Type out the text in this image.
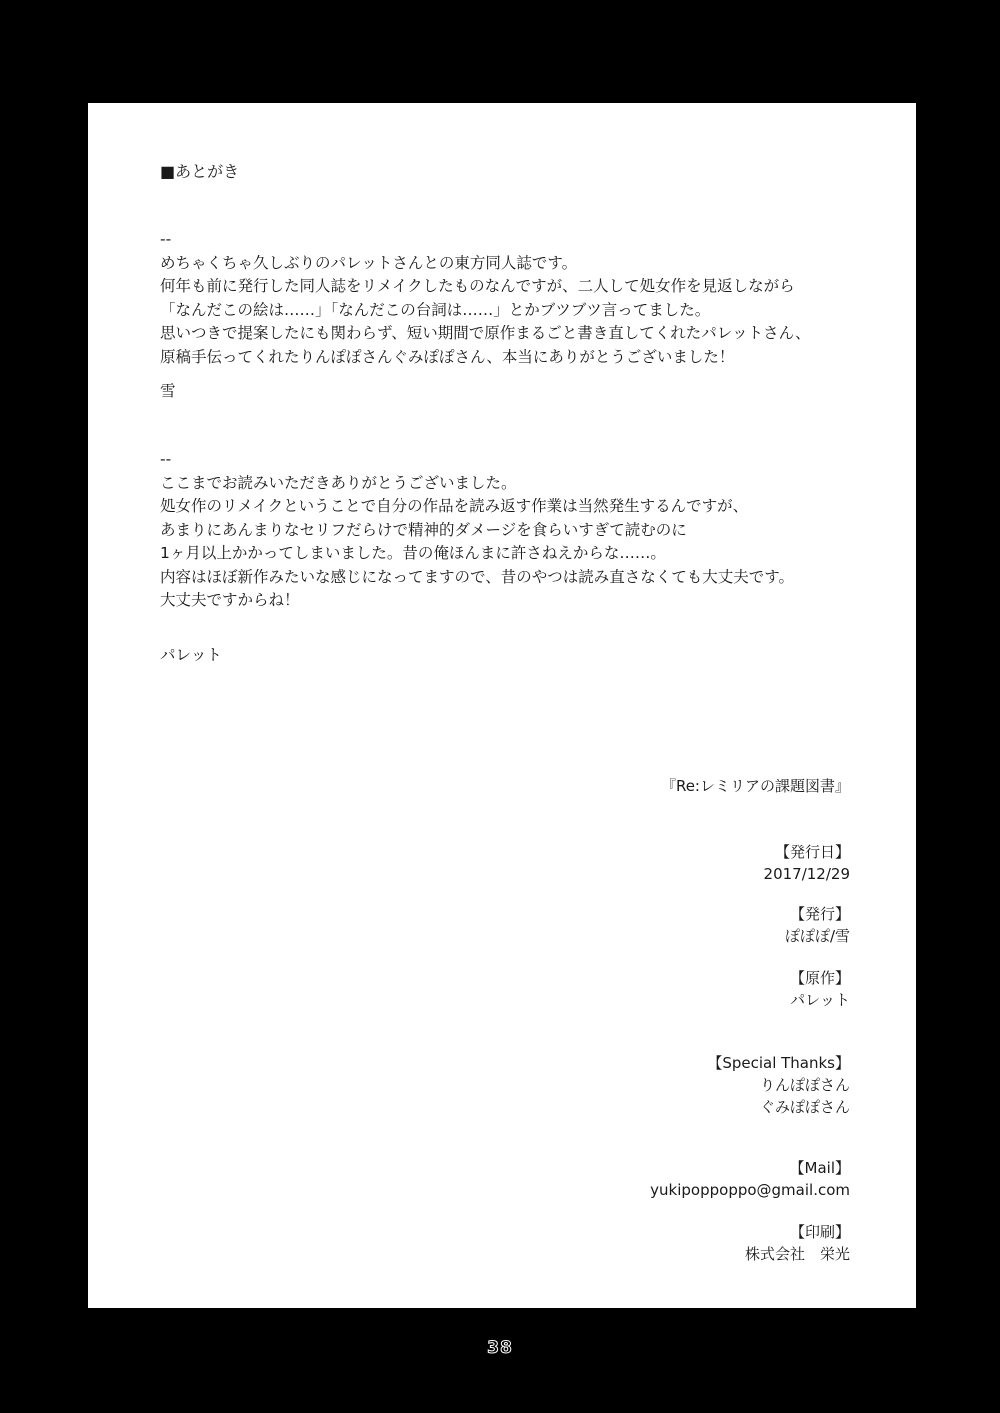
■あとがき
--
めちゃくちゃ久しぶりのパレットさんとの東方同人誌です。
何年も前に発行した同人誌をリメイクしたものなんですが、二人して処女作を見返しながら
「なんだこの絵は……」「なんだこの台詞は……」とかブツブツ言ってました。
思いつきで提案したにも関わらず、短い期間で原作まるごと書き直してくれたパレットさん、
原稿手伝ってくれたりんぽぽさんぐみぽぽさん、本当にありがとうございました！
雪
--
ここまでお読みいただきありがとうございました。
処女作のリメイクということで自分の作品を読み返す作業は当然発生するんですが、
あまりにあんまりなセリフだらけで精神的ダメージを食らいすぎて読むのに
1ヶ月以上かかってしまいました。昔の俺ほんまに許さねえからな……。
内容はほぼ新作みたいな感じになってますので、昔のやつは読み直さなくても大丈夫です。
大丈夫ですからね！
パレット
『Re:レミリアの課題図書』
【発行日】
2017/12/29
【発行】
ぽぽぽ/雪
【原作】
パレット
【Special Thanks】
りんぽぽさん
ぐみぽぽさん
【Mail】
yukipoppoppo@gmail.com
【印刷】
株式会社　栄光
38
